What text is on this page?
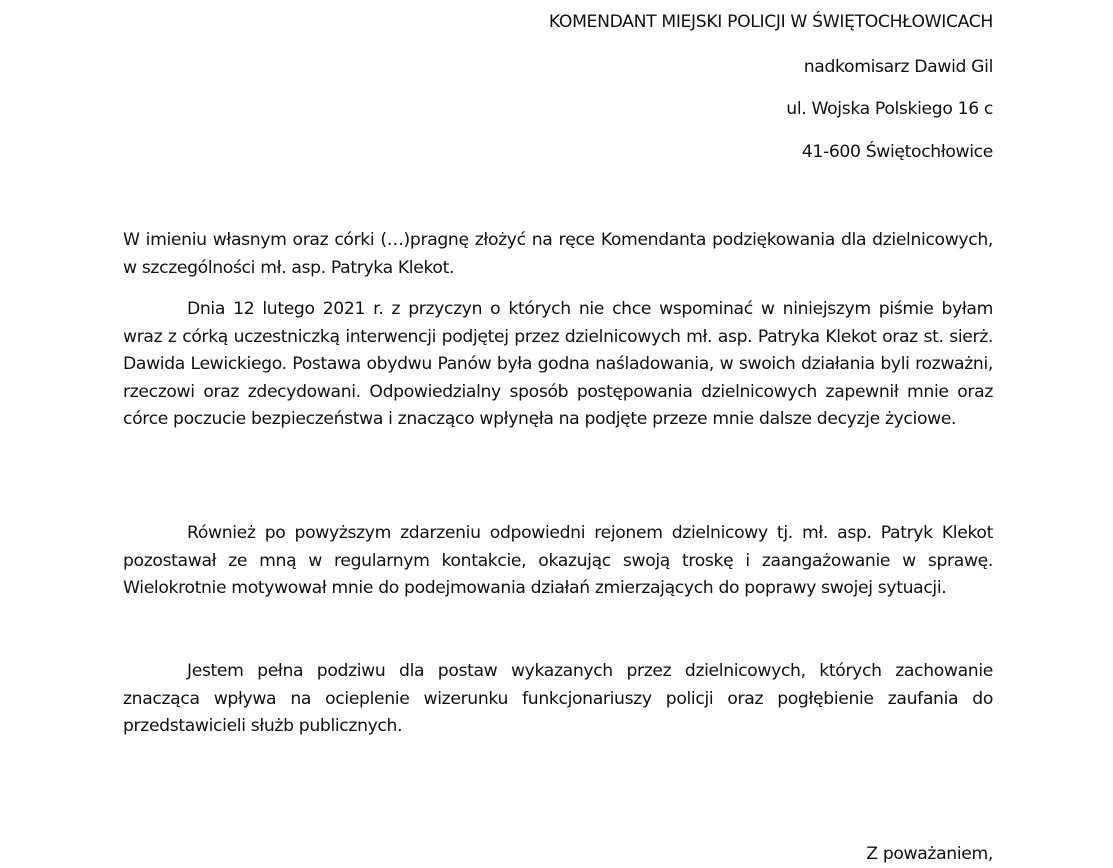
KOMENDANT MIEJSKI POLICJI W ŚWIĘTOCHŁOWICACH

nadkomisarz Dawid Gil

ul. Wojska Polskiego 16 c

41-600 Świętochłowice

W imieniu własnym oraz córki (…)pragnę złożyć na ręce Komendanta podziękowania dla dzielnicowych, w szczególności mł. asp. Patryka Klekot.

Dnia 12 lutego 2021 r. z przyczyn o których nie chce wspominać w niniejszym piśmie byłam wraz z córką uczestniczką interwencji podjętej przez dzielnicowych mł. asp. Patryka Klekot oraz st. sierż. Dawida Lewickiego. Postawa obydwu Panów była godna naśladowania, w swoich działania byli rozważni, rzeczowi oraz zdecydowani. Odpowiedzialny sposób postępowania dzielnicowych zapewnił mnie oraz córce poczucie bezpieczeństwa i znacząco wpłynęła na podjęte przeze mnie dalsze decyzje życiowe.

Również po powyższym zdarzeniu odpowiedni rejonem dzielnicowy tj. mł. asp. Patryk Klekot pozostawał ze mną w regularnym kontakcie, okazując swoją troskę i zaangażowanie w sprawę. Wielokrotnie motywował mnie do podejmowania działań zmierzających do poprawy swojej sytuacji.

Jestem pełna podziwu dla postaw wykazanych przez dzielnicowych, których zachowanie znacząca wpływa na ocieplenie wizerunku funkcjonariuszy policji oraz pogłębienie zaufania do przedstawicieli służb publicznych.

Z poważaniem,
